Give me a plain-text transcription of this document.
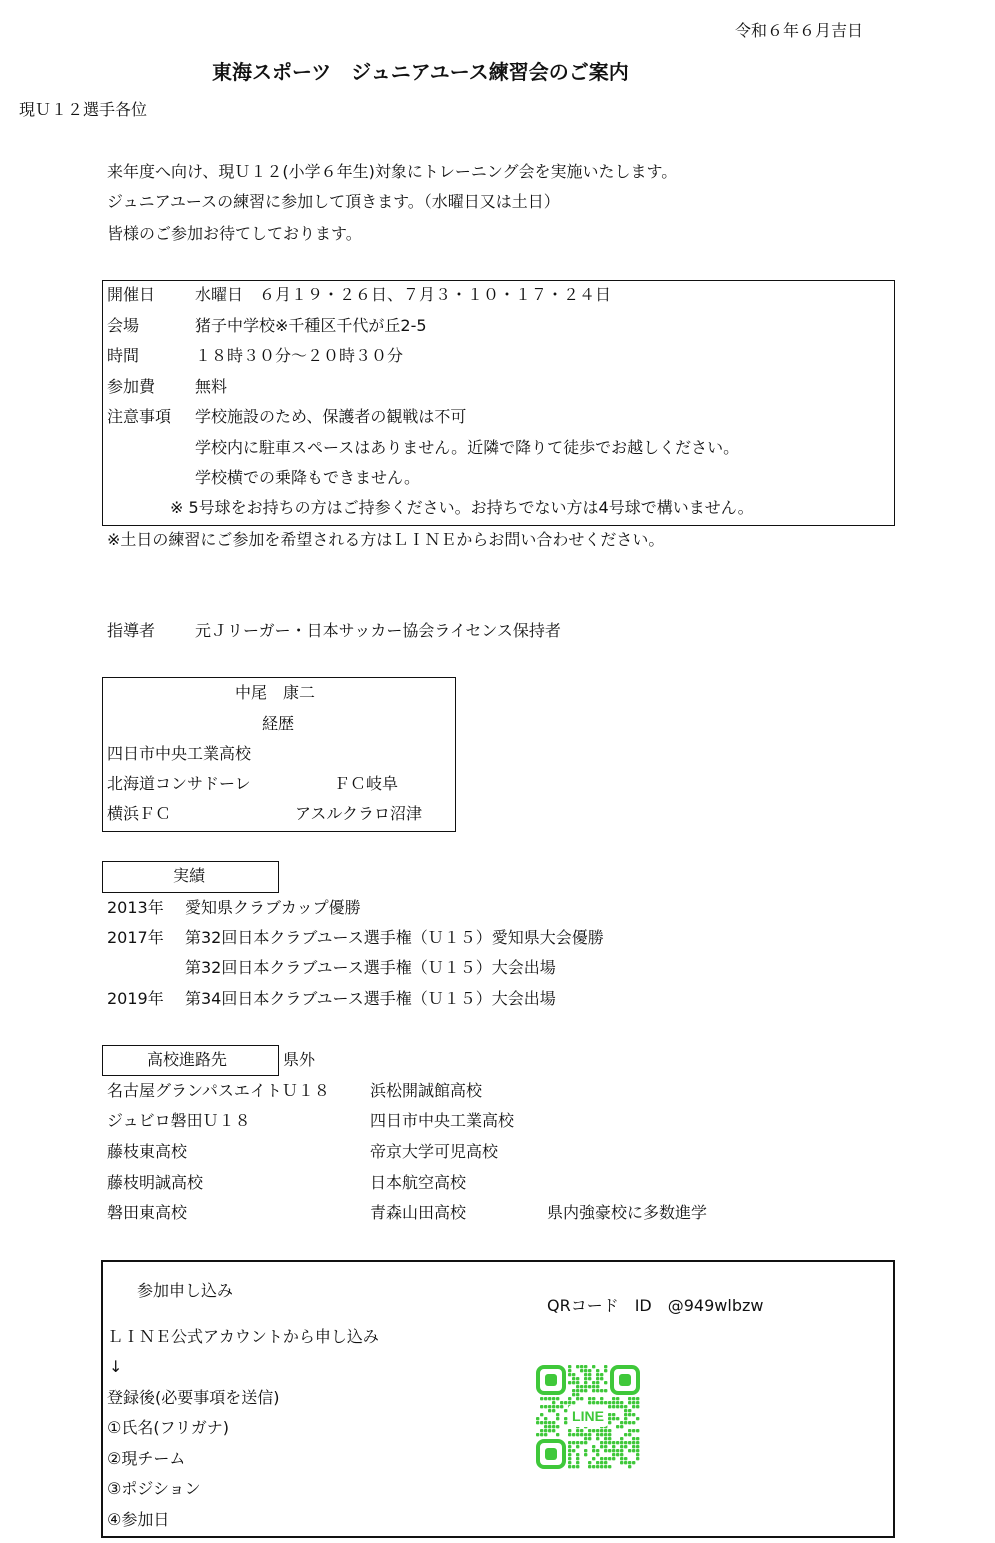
令和６年６月吉日
東海スポーツ　ジュニアユース練習会のご案内
現Ｕ１２選手各位
来年度へ向け、現Ｕ１２(小学６年生)対象にトレーニング会を実施いたします。
ジュニアユースの練習に参加して頂きます。（水曜日又は土日）
皆様のご参加お待てしております。
開催日 水曜日　６月１９・２６日、７月３・１０・１７・２４日
会場	猪子中学校※千種区千代が丘2-5
時間	１８時３０分～２０時３０分
参加費 無料
注意事項 学校施設のため、保護者の観戦は不可
学校内に駐車スペースはありません。近隣で降りて徒歩でお越しください。
学校横での乗降もできません。
※ 5号球をお持ちの方はご持参ください。お持ちでない方は4号球で構いません。
※土日の練習にご参加を希望される方はＬＩＮＥからお問い合わせください。
指導者 元Ｊリーガー・日本サッカー協会ライセンス保持者
中尾　康二
経歴
四日市中央工業高校
北海道コンサドーレ	ＦＣ岐阜
横浜ＦＣ	アスルクラロ沼津
実績
2013年 愛知県クラブカップ優勝
2017年 第32回日本クラブユース選手権（Ｕ１５）愛知県大会優勝
第32回日本クラブユース選手権（Ｕ１５）大会出場
2019年 第34回日本クラブユース選手権（Ｕ１５）大会出場
高校進路先	県外
名古屋グランパスエイトＵ１８	浜松開誠館高校
ジュビロ磐田Ｕ１８	四日市中央工業高校
藤枝東高校	帝京大学可児高校
藤枝明誠高校	日本航空高校
磐田東高校	青森山田高校	県内強豪校に多数進学
参加申し込み
QRコード　ID　@949wlbzw
ＬＩＮＥ公式アカウントから申し込み
↓
登録後(必要事項を送信)
①氏名(フリガナ)
②現チーム
③ポジション
④参加日
LINE
